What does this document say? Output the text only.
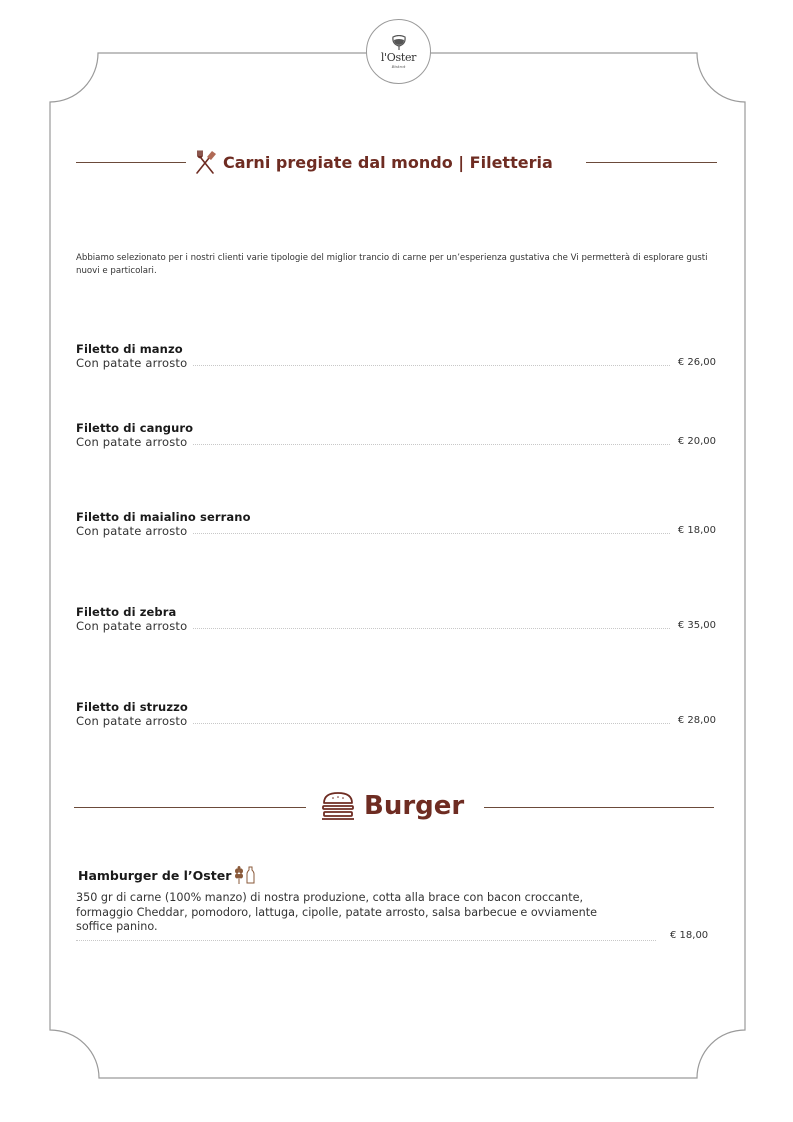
l'Oster
Bistrot
Carni pregiate dal mondo | Filetteria
Abbiamo selezionato per i nostri clienti varie tipologie del miglior trancio di carne per un’esperienza gustativa che Vi permetterà di esplorare gusti nuovi e particolari.
Filetto di manzo
Con patate arrosto	€ 26,00
Filetto di canguro
Con patate arrosto	€ 20,00
Filetto di maialino serrano
Con patate arrosto	€ 18,00
Filetto di zebra
Con patate arrosto	€ 35,00
Filetto di struzzo
Con patate arrosto	€ 28,00
Burger
Hamburger de l’Oster
350 gr di carne (100% manzo) di nostra produzione, cotta alla brace con bacon croccante, formaggio Cheddar, pomodoro, lattuga, cipolle, patate arrosto, salsa barbecue e ovviamente soffice panino.
€ 18,00
